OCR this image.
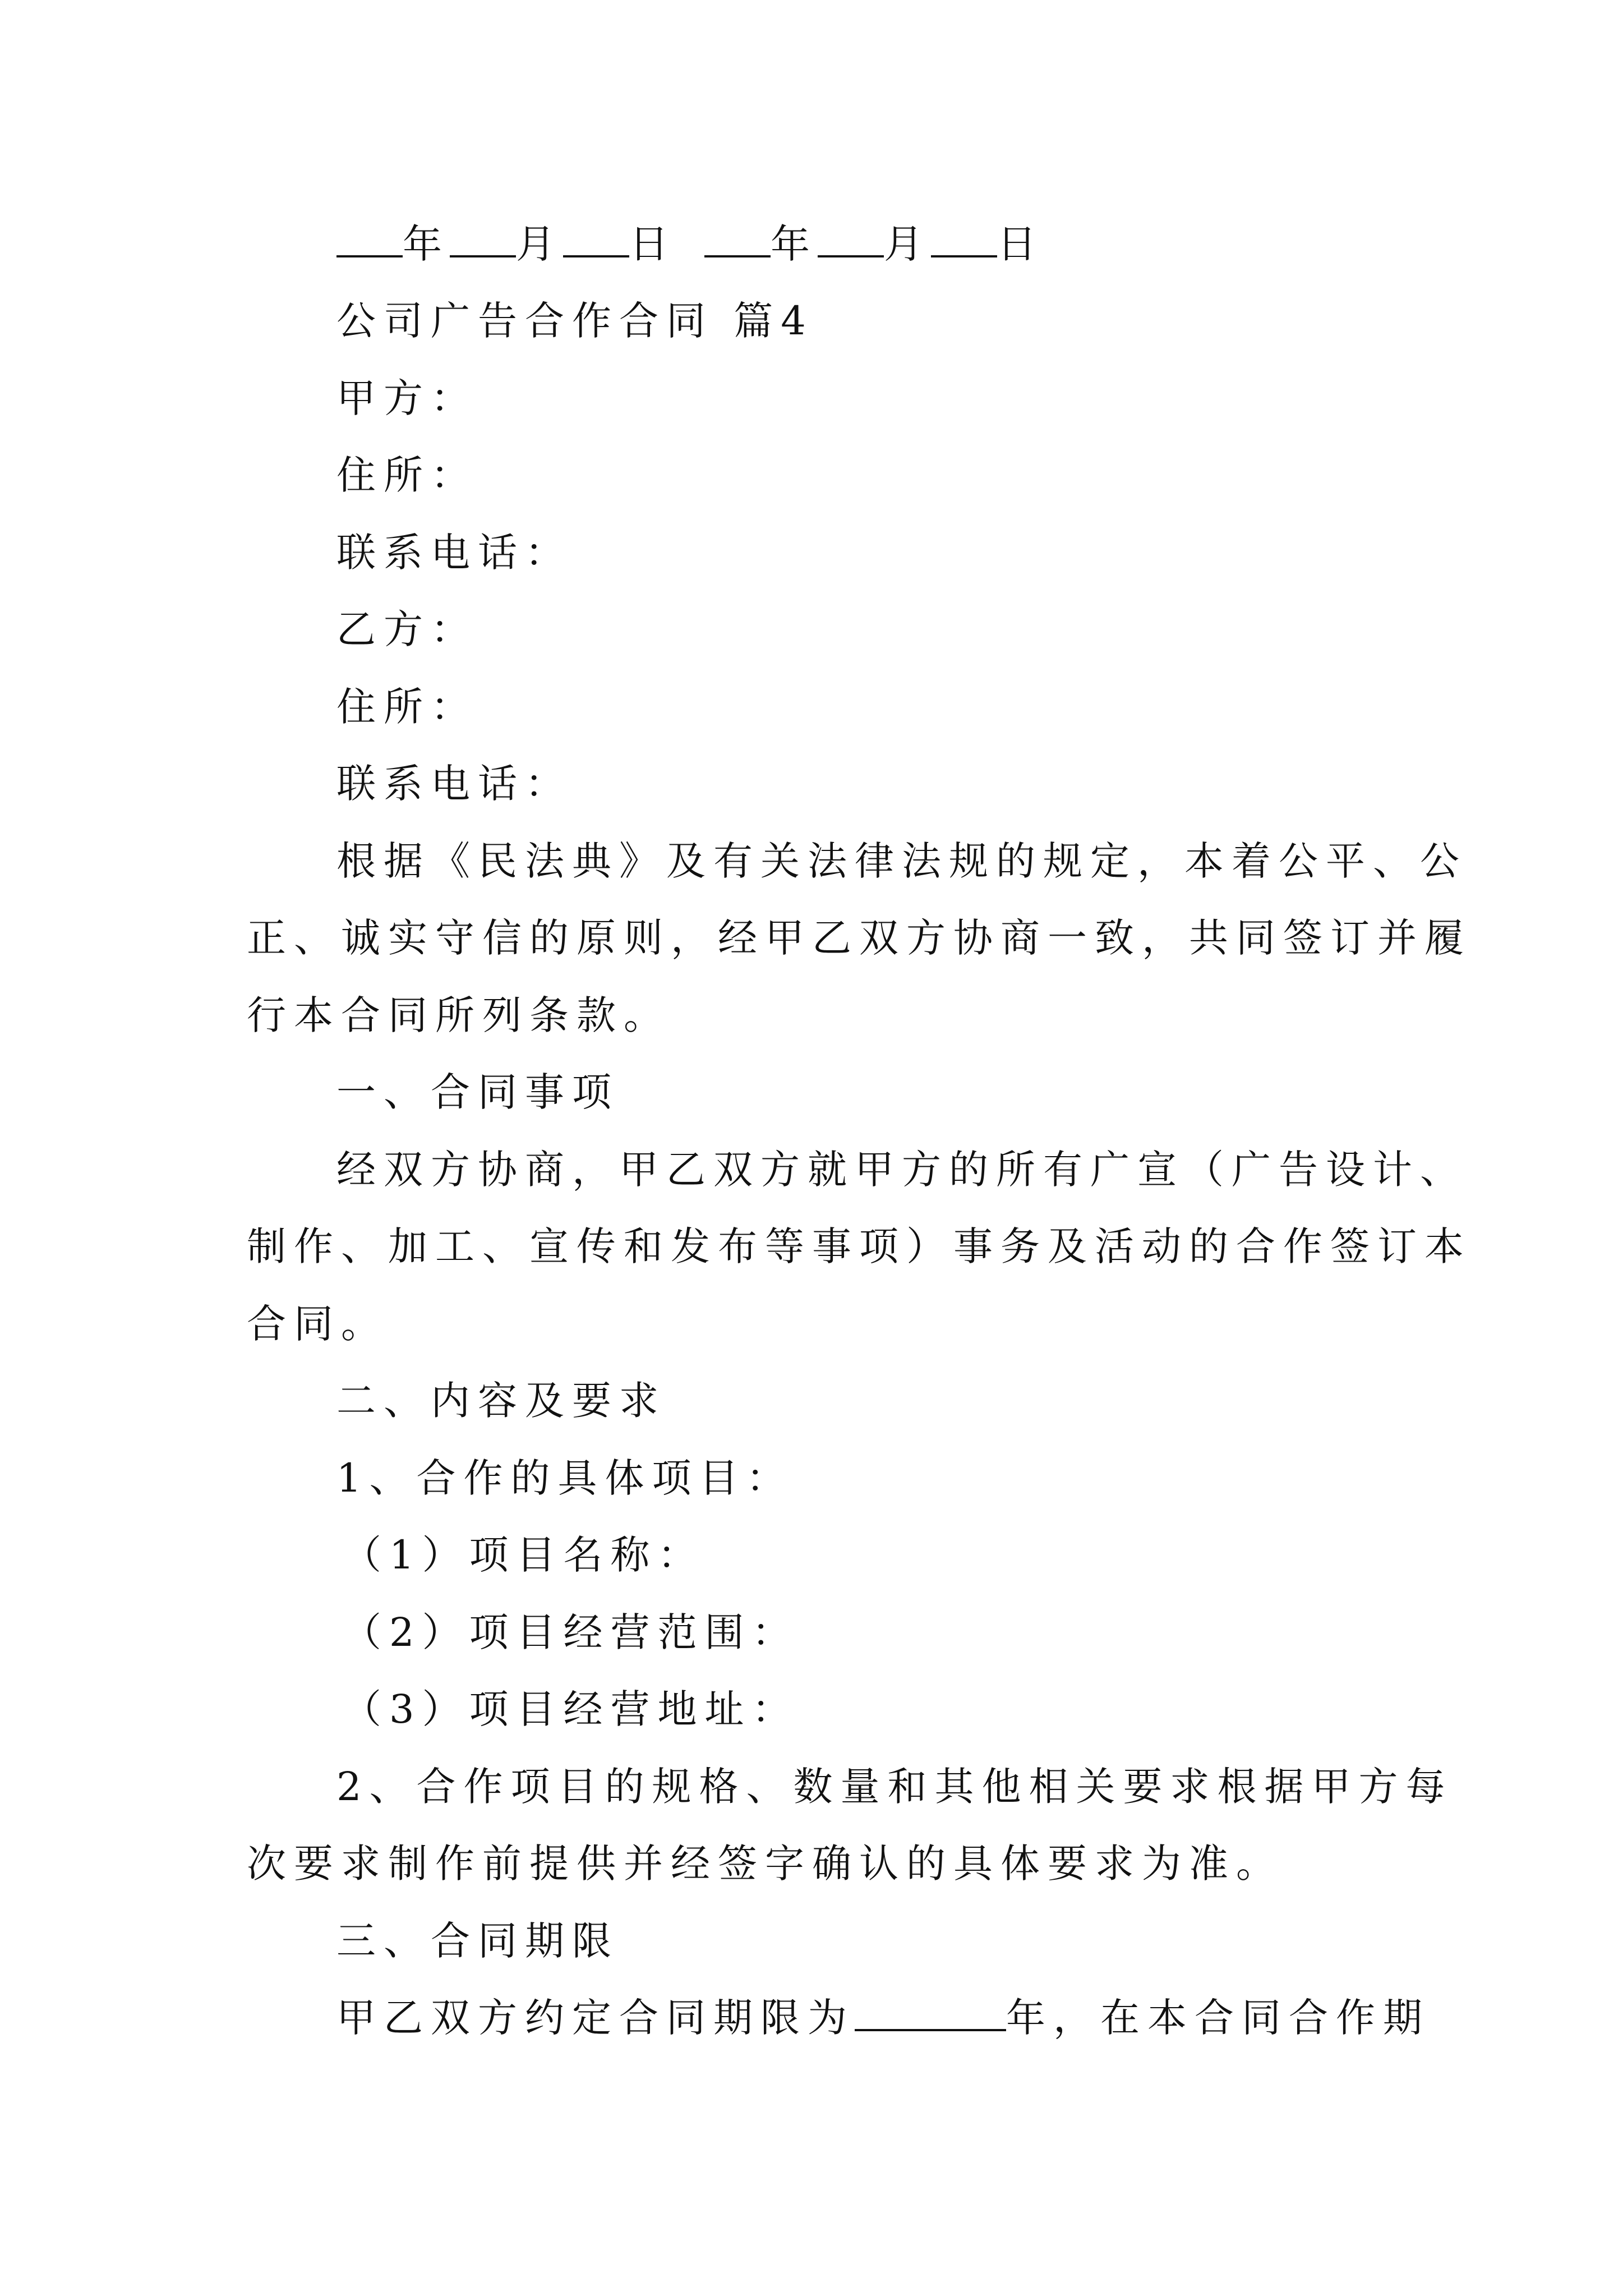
年 月 日 年 月 日
公司广告合作合同 篇4
甲方：
住所：
联系电话：
乙方：
住所：
联系电话：
根据《民法典》及有关法律法规的规定，本着公平、公
正、诚实守信的原则，经甲乙双方协商一致，共同签订并履
行本合同所列条款。
一、合同事项
经双方协商，甲乙双方就甲方的所有广宣（广告设计、
制作、加工、宣传和发布等事项）事务及活动的合作签订本
合同。
二、内容及要求
1、合作的具体项目：
（1）项目名称：
（2）项目经营范围：
（3）项目经营地址：
2、合作项目的规格、数量和其他相关要求根据甲方每
次要求制作前提供并经签字确认的具体要求为准。
三、合同期限
甲乙双方约定合同期限为	年，在本合同合作期
